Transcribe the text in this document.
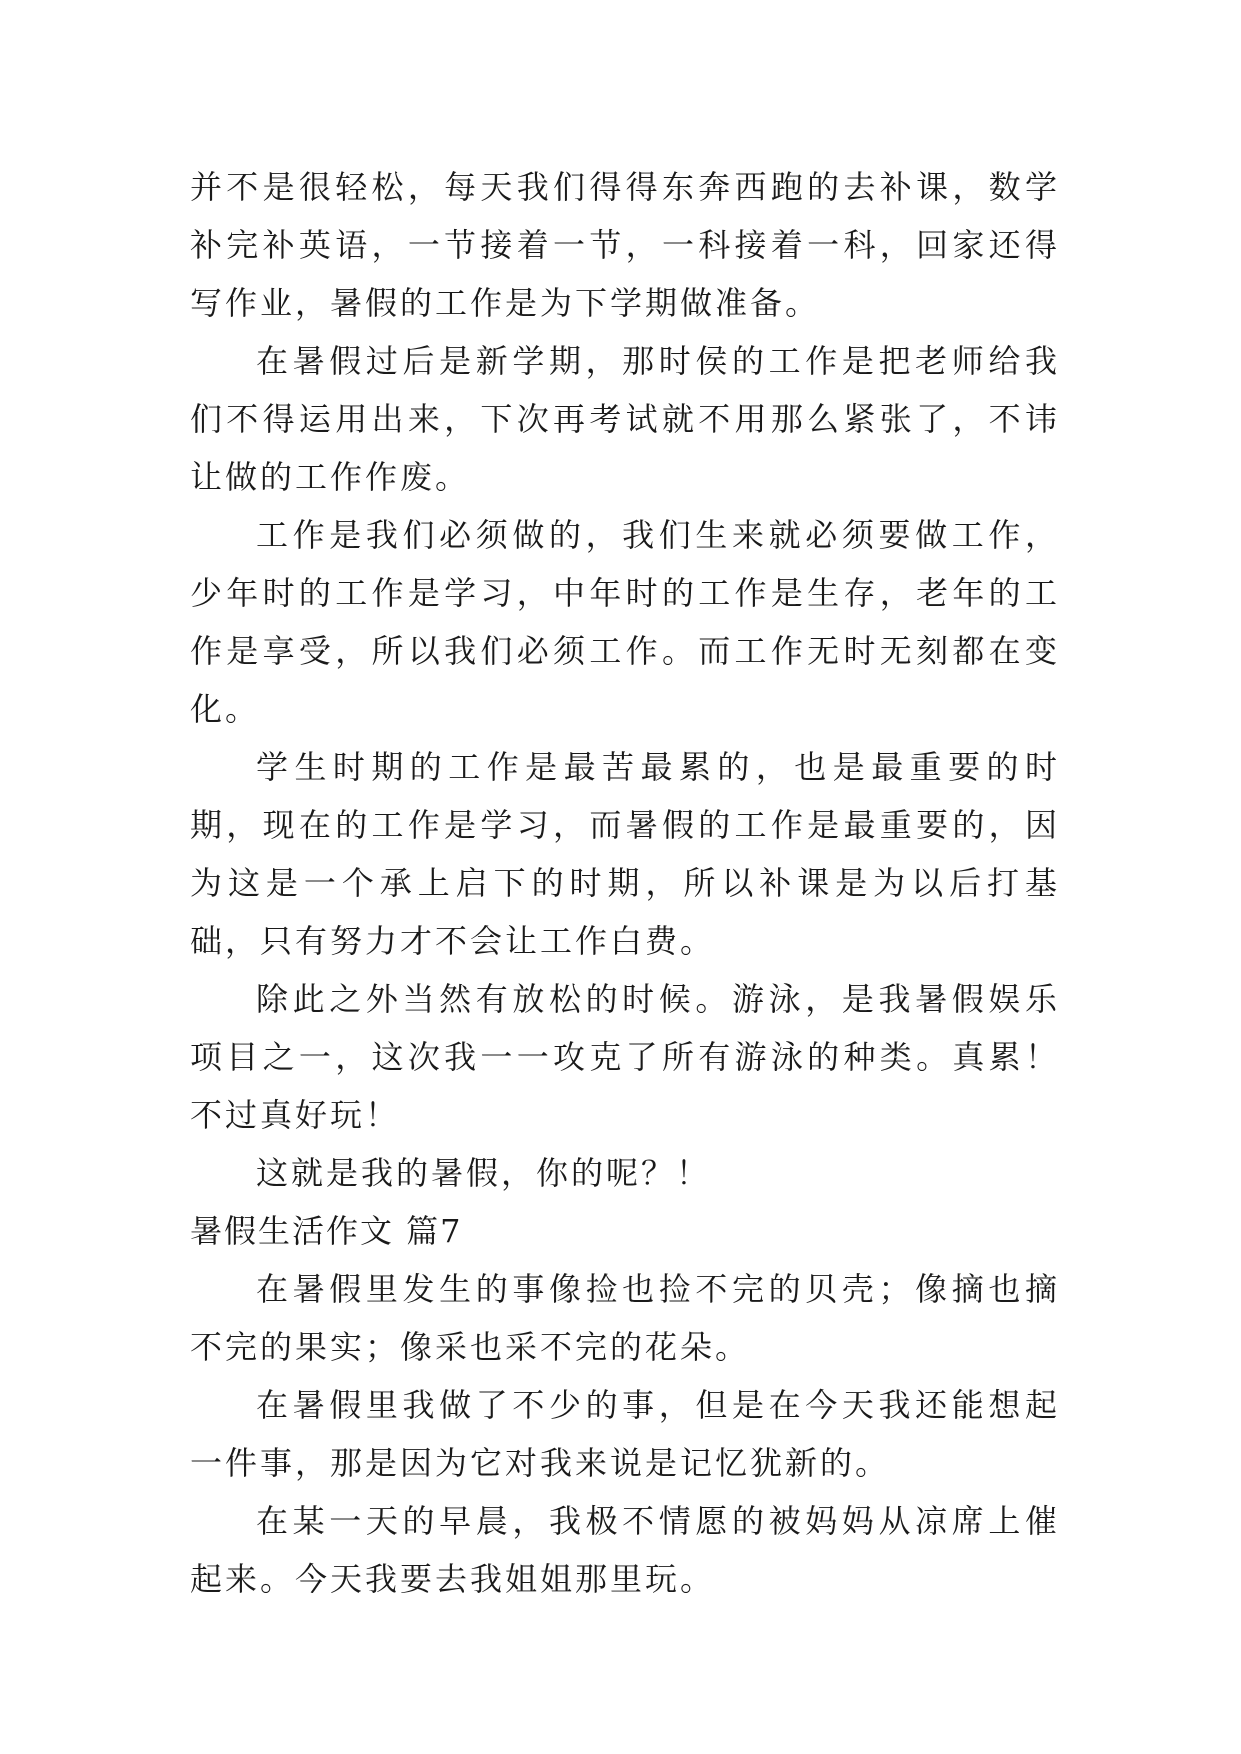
并不是很轻松，每天我们得得东奔西跑的去补课，数学补完补英语，一节接着一节，一科接着一科，回家还得写作业，暑假的工作是为下学期做准备。

在暑假过后是新学期，那时侯的工作是把老师给我们不得运用出来，下次再考试就不用那么紧张了，不讳让做的工作作废。

工作是我们必须做的，我们生来就必须要做工作，少年时的工作是学习，中年时的工作是生存，老年的工作是享受，所以我们必须工作。而工作无时无刻都在变化。

学生时期的工作是最苦最累的，也是最重要的时期，现在的工作是学习，而暑假的工作是最重要的，因为这是一个承上启下的时期，所以补课是为以后打基础，只有努力才不会让工作白费。

除此之外当然有放松的时候。游泳，是我暑假娱乐项目之一，这次我一一攻克了所有游泳的种类。真累！不过真好玩！

这就是我的暑假，你的呢？！

暑假生活作文 篇7

在暑假里发生的事像捡也捡不完的贝壳；像摘也摘不完的果实；像采也采不完的花朵。

在暑假里我做了不少的事，但是在今天我还能想起一件事，那是因为它对我来说是记忆犹新的。

在某一天的早晨，我极不情愿的被妈妈从凉席上催起来。今天我要去我姐姐那里玩。
